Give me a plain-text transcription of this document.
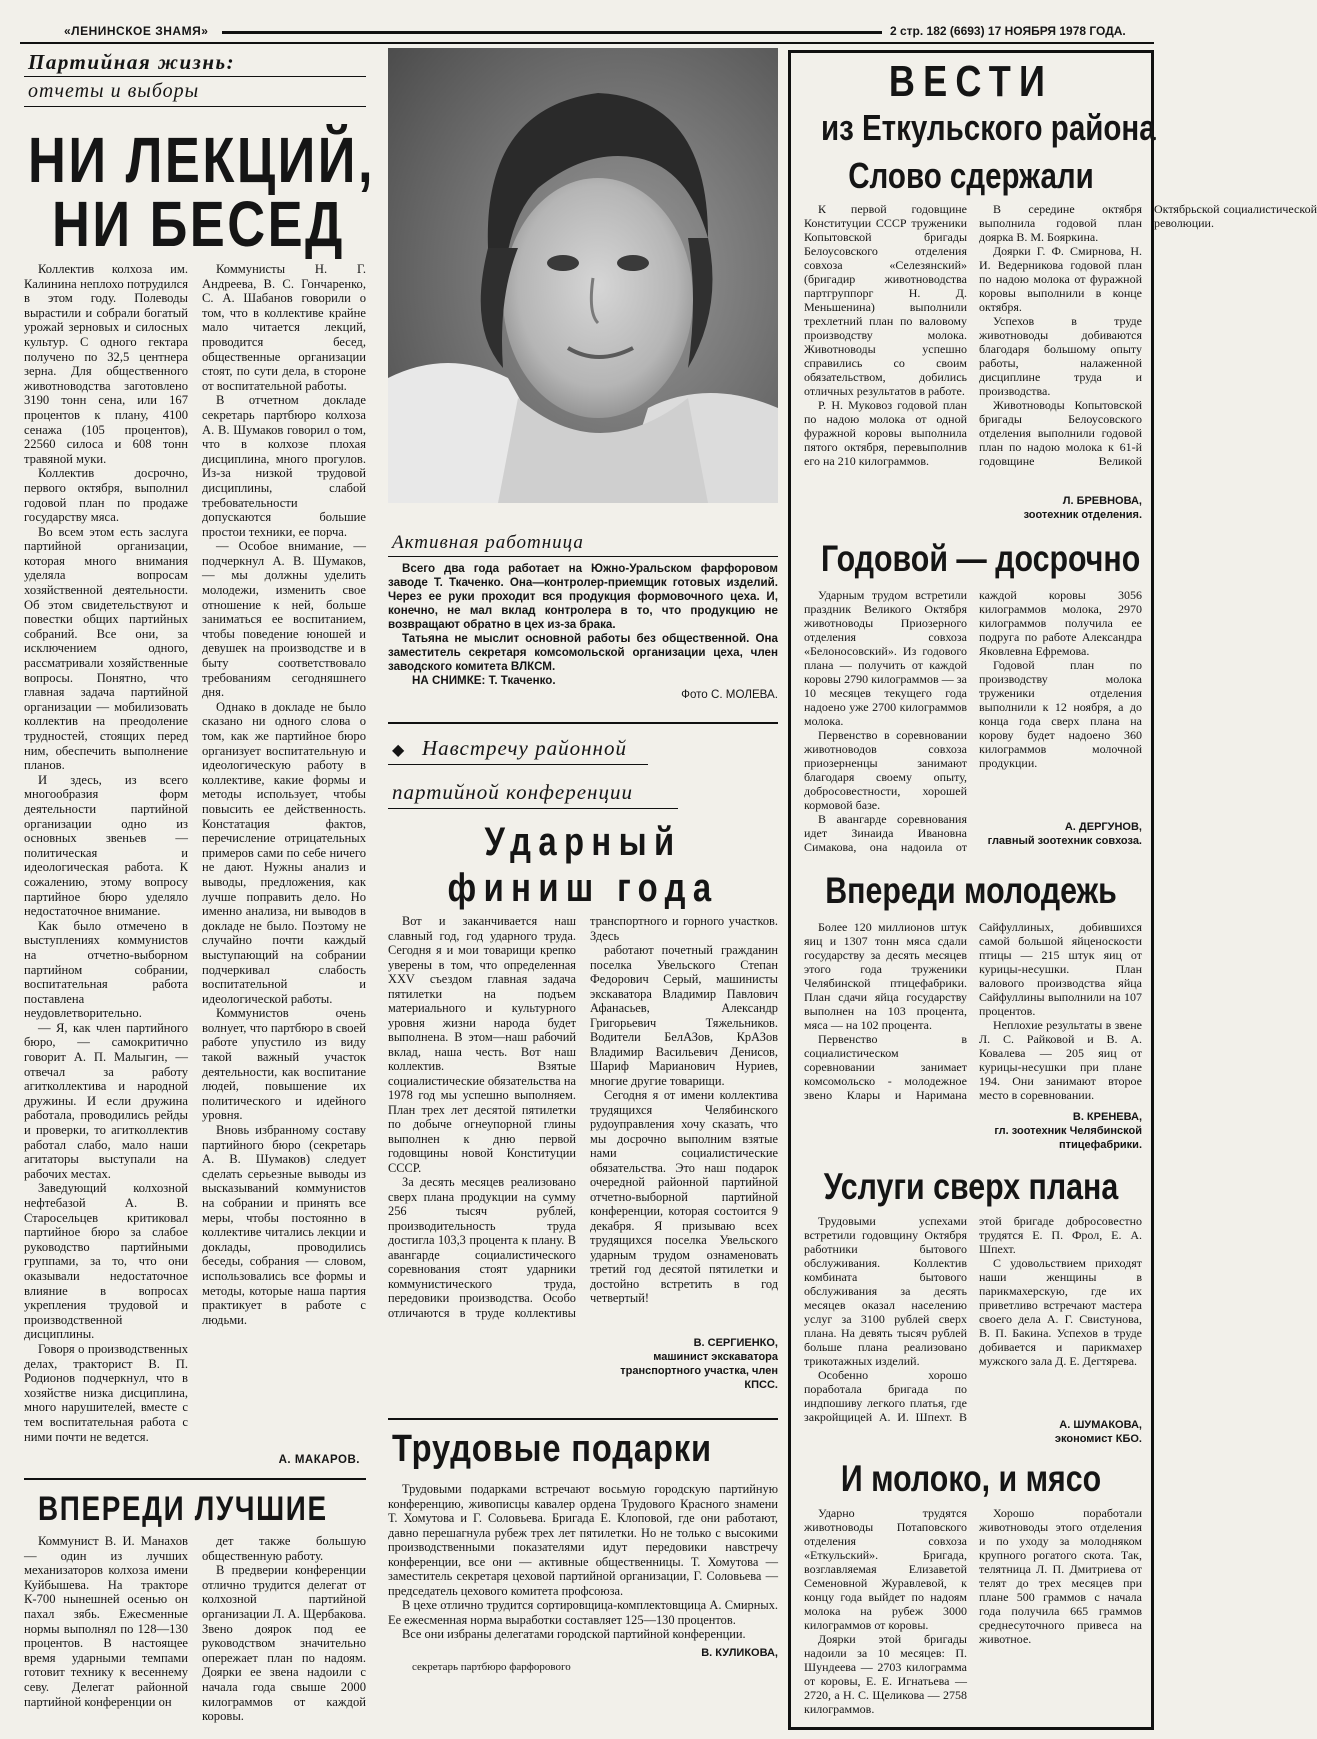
«ЛЕНИНСКОЕ ЗНАМЯ»	2 стр. 182 (6693) 17 НОЯБРЯ 1978 ГОДА.
Партийная жизнь:
отчеты и выборы
НИ ЛЕКЦИЙ,
НИ БЕСЕД

Коллектив колхоза им. Калинина неплохо потрудился в этом году. Полеводы вырастили и собрали богатый урожай зерновых и силосных культур. С одного гектара получено по 32,5 центнера зерна. Для общественного животноводства заготовлено 3190 тонн сена, или 167 процентов к плану, 4100 сенажа (105 процентов), 22560 силоса и 608 тонн травяной муки.

Коллектив досрочно, первого октября, выполнил годовой план по продаже государству мяса.

Во всем этом есть заслуга партийной организации, которая много внимания уделяла вопросам хозяйственной деятельности. Об этом свидетельствуют и повестки общих партийных собраний. Все они, за исключением одного, рассматривали хозяйственные вопросы. Понятно, что главная задача партийной организации — мобилизовать коллектив на преодоление трудностей, стоящих перед ним, обеспечить выполнение планов.

И здесь, из всего многообразия форм деятельности партийной организации одно из основных звеньев — политическая и идеологическая работа. К сожалению, этому вопросу партийное бюро уделяло недостаточное внимание.

Как было отмечено в выступлениях коммунистов на отчетно-выборном партийном собрании, воспитательная работа поставлена неудовлетворительно.

— Я, как член партийного бюро, — самокритично говорит А. П. Малыгин, — отвечал за работу агитколлектива и народной дружины. И если дружина работала, проводились рейды и проверки, то агитколлектив работал слабо, мало наши агитаторы выступали на рабочих местах.

Заведующий колхозной нефтебазой А. В. Старосельцев критиковал партийное бюро за слабое руководство партийными группами, за то, что они оказывали недостаточное влияние в вопросах укрепления трудовой и производственной дисциплины.

Говоря о производственных делах, тракторист В. П. Родионов подчеркнул, что в хозяйстве низка дисциплина, много нарушителей, вместе с тем воспитательная работа с ними почти не ведется.

Коммунисты Н. Г. Андреева, В. С. Гончаренко, С. А. Шабанов говорили о том, что в коллективе крайне мало читается лекций, проводится бесед, общественные организации стоят, по сути дела, в стороне от воспитательной работы.

В отчетном докладе секретарь партбюро колхоза А. В. Шумаков говорил о том, что в колхозе плохая дисциплина, много прогулов. Из-за низкой трудовой дисциплины, слабой требовательности допускаются большие простои техники, ее порча.

— Особое внимание, — подчеркнул А. В. Шумаков, — мы должны уделить молодежи, изменить свое отношение к ней, больше заниматься ее воспитанием, чтобы поведение юношей и девушек на производстве и в быту соответствовало требованиям сегодняшнего дня.

Однако в докладе не было сказано ни одного слова о том, как же партийное бюро организует воспитательную и идеологическую работу в коллективе, какие формы и методы использует, чтобы повысить ее действенность. Констатация фактов, перечисление отрицательных примеров сами по себе ничего не дают. Нужны анализ и выводы, предложения, как лучше поправить дело. Но именно анализа, ни выводов в докладе не было. Поэтому не случайно почти каждый выступающий на собрании подчеркивал слабость воспитательной и идеологической работы.

Коммунистов очень волнует, что партбюро в своей работе упустило из виду такой важный участок деятельности, как воспитание людей, повышение их политического и идейного уровня.

Вновь избранному составу партийного бюро (секретарь А. В. Шумаков) следует сделать серьезные выводы из высказываний коммунистов на собрании и принять все меры, чтобы постоянно в коллективе читались лекции и доклады, проводились беседы, собрания — словом, использовались все формы и методы, которые наша партия практикует в работе с людьми.

А. МАКАРОВ.
ВПЕРЕДИ ЛУЧШИЕ

Коммунист В. И. Манахов — один из лучших механизаторов колхоза имени Куйбышева. На тракторе К-700 нынешней осенью он пахал зябь. Ежесменные нормы выполнял по 128—130 процентов. В настоящее время ударными темпами готовит технику к весеннему севу. Делегат районной партийной конференции он

дет также большую общественную работу.

В предверии конференции отлично трудится делегат от колхозной партийной организации Л. А. Щербакова. Звено доярок под ее руководством значительно опережает план по надоям. Доярки ее звена надоили с начала года свыше 2000 килограммов от каждой коровы.

Активная работница

Всего два года работает на Южно-Уральском фарфоровом заводе Т. Ткаченко. Она—контролер-приемщик готовых изделий. Через ее руки проходит вся продукция формовочного цеха. И, конечно, не мал вклад контролера в то, что продукцию не возвращают обратно в цех из-за брака.

Татьяна не мыслит основной работы без общественной. Она заместитель секретаря комсомольской организации цеха, член заводского комитета ВЛКСМ.

НА СНИМКЕ: Т. Ткаченко.

Фото С. МОЛЕВА.

◆ Навстречу районной
партийной конференции
Ударный
финиш года

Вот и заканчивается наш славный год, год ударного труда. Сегодня я и мои товарищи крепко уверены в том, что определенная XXV съездом главная задача пятилетки на подъем материального и культурного уровня жизни народа будет выполнена. В этом—наш рабочий вклад, наша честь. Вот наш коллектив. Взятые социалистические обязательства на 1978 год мы успешно выполняем. План трех лет десятой пятилетки по добыче огнеупорной глины выполнен к дню первой годовщины новой Конституции СССР.

За десять месяцев реализовано сверх плана продукции на сумму 256 тысяч рублей, производительность труда достигла 103,3 процента к плану. В авангарде социалистического соревнования стоят ударники коммунистического труда, передовики производства. Особо отличаются в труде коллективы транспортного и горного участков. Здесь

работают почетный гражданин поселка Увельского Степан Федорович Серый, машинисты экскаватора Владимир Павлович Афанасьев, Александр Григорьевич Тяжельников. Водители БелАЗов, КрАЗов Владимир Васильевич Денисов, Шариф Марианович Нуриев, многие другие товарищи.

Сегодня я от имени коллектива трудящихся Челябинского рудоуправления хочу сказать, что мы досрочно выполним взятые нами социалистические обязательства. Это наш подарок очередной районной партийной отчетно-выборной партийной конференции, которая состоится 9 декабря. Я призываю всех трудящихся поселка Увельского ударным трудом ознаменовать третий год десятой пятилетки и достойно встретить в год четвертый!

В. СЕРГИЕНКО,
машинист экскаватора транспортного участка, член КПСС.
Трудовые подарки

Трудовыми подарками встречают восьмую городскую партийную конференцию, живописцы кавалер ордена Трудового Красного знамени Т. Хомутова и Г. Соловьева. Бригада Е. Клоповой, где они работают, давно перешагнула рубеж трех лет пятилетки. Но не только с высокими производственными показателями идут передовики навстречу конференции, все они — активные общественницы. Т. Хомутова — заместитель секретаря цеховой партийной организации, Г. Соловьева — председатель цехового комитета профсоюза.

В цехе отлично трудится сортировщица-комплектовщица А. Смирных. Ее ежесменная норма выработки составляет 125—130 процентов.

Все они избраны делегатами городской партийной конференции.

В. КУЛИКОВА,
секретарь партбюро фарфорового
ВЕСТИ
из Еткульского района
Слово сдержали

К первой годовщине Конституции СССР труженики Копытовской бригады Белоусовского отделения совхоза «Селезянский» (бригадир животноводства партгруппорг Н. Д. Меньшенина) выполнили трехлетний план по валовому производству молока. Животноводы успешно справились со своим обязательством, добились отличных результатов в работе.

Р. Н. Муковоз годовой план по надою молока от одной фуражной коровы выполнила пятого октября, перевыполнив его на 210 килограммов.

В середине октября выполнила годовой план доярка В. М. Бояркина.

Доярки Г. Ф. Смирнова, Н. И. Ведерникова годовой план по надою молока от фуражной коровы выполнили в конце октября.

Успехов в труде животноводы добиваются благодаря большому опыту работы, налаженной дисциплине труда и производства.

Животноводы Копытовской бригады Белоусовского отделения выполнили годовой план по надою молока к 61-й годовщине Великой Октябрьской социалистической революции.

Л. БРЕВНОВА,
зоотехник отделения.
Годовой — досрочно

Ударным трудом встретили праздник Великого Октября животноводы Приозерного отделения совхоза «Белоносовский». Из годового плана — получить от каждой коровы 2790 килограммов — за 10 месяцев текущего года надоено уже 2700 килограммов молока.

Первенство в соревновании животноводов совхоза приозерненцы занимают благодаря своему опыту, добросовестности, хорошей кормовой базе.

В авангарде соревнования идет Зинаида Ивановна Симакова, она надоила от каждой коровы 3056 килограммов молока, 2970 килограммов получила ее подруга по работе Александра Яковлевна Ефремова.

Годовой план по производству молока труженики отделения выполнили к 12 ноября, а до конца года сверх плана на корову будет надоено 360 килограммов молочной продукции.

А. ДЕРГУНОВ,
главный зоотехник совхоза.
Впереди молодежь

Более 120 миллионов штук яиц и 1307 тонн мяса сдали государству за десять месяцев этого года труженики Челябинской птицефабрики. План сдачи яйца государству выполнен на 103 процента, мяса — на 102 процента.

Первенство в социалистическом соревновании занимает комсомольско - молодежное звено Клары и Наримана Сайфуллиных, добившихся самой большой яйценоскости птицы — 215 штук яиц от курицы-несушки. План валового производства яйца Сайфуллины выполнили на 107 процентов.

Неплохие результаты в звене Л. С. Райковой и В. А. Ковалева — 205 яиц от курицы-несушки при плане 194. Они занимают второе место в соревновании.

В. КРЕНЕВА,
гл. зоотехник Челябинской птицефабрики.
Услуги сверх плана

Трудовыми успехами встретили годовщину Октября работники бытового обслуживания. Коллектив комбината бытового обслуживания за десять месяцев оказал населению услуг за 3100 рублей сверх плана. На девять тысяч рублей больше плана реализовано трикотажных изделий.

Особенно хорошо поработала бригада по индпошиву легкого платья, где закройщицей А. И. Шпехт. В этой бригаде добросовестно трудятся Е. П. Фрол, Е. А. Шпехт.

С удовольствием приходят наши женщины в парикмахерскую, где их приветливо встречают мастера своего дела А. Г. Свистунова, В. П. Бакина. Успехов в труде добивается и парикмахер мужского зала Д. Е. Дегтярева.

А. ШУМАКОВА,
экономист КБО.
И молоко, и мясо

Ударно трудятся животноводы Потаповского отделения совхоза «Еткульский». Бригада, возглавляемая Елизаветой Семеновной Журавлевой, к концу года выйдет по надоям молока на рубеж 3000 килограммов от коровы.

Доярки этой бригады надоили за 10 месяцев: П. Шундеева — 2703 килограмма от коровы, Е. Е. Игнатьева — 2720, а Н. С. Щеликова — 2758 килограммов.

Хорошо поработали животноводы этого отделения и по уходу за молодняком крупного рогатого скота. Так, телятница Л. П. Дмитриева от телят до трех месяцев при плане 500 граммов с начала года получила 665 граммов среднесуточного привеса на животное.
